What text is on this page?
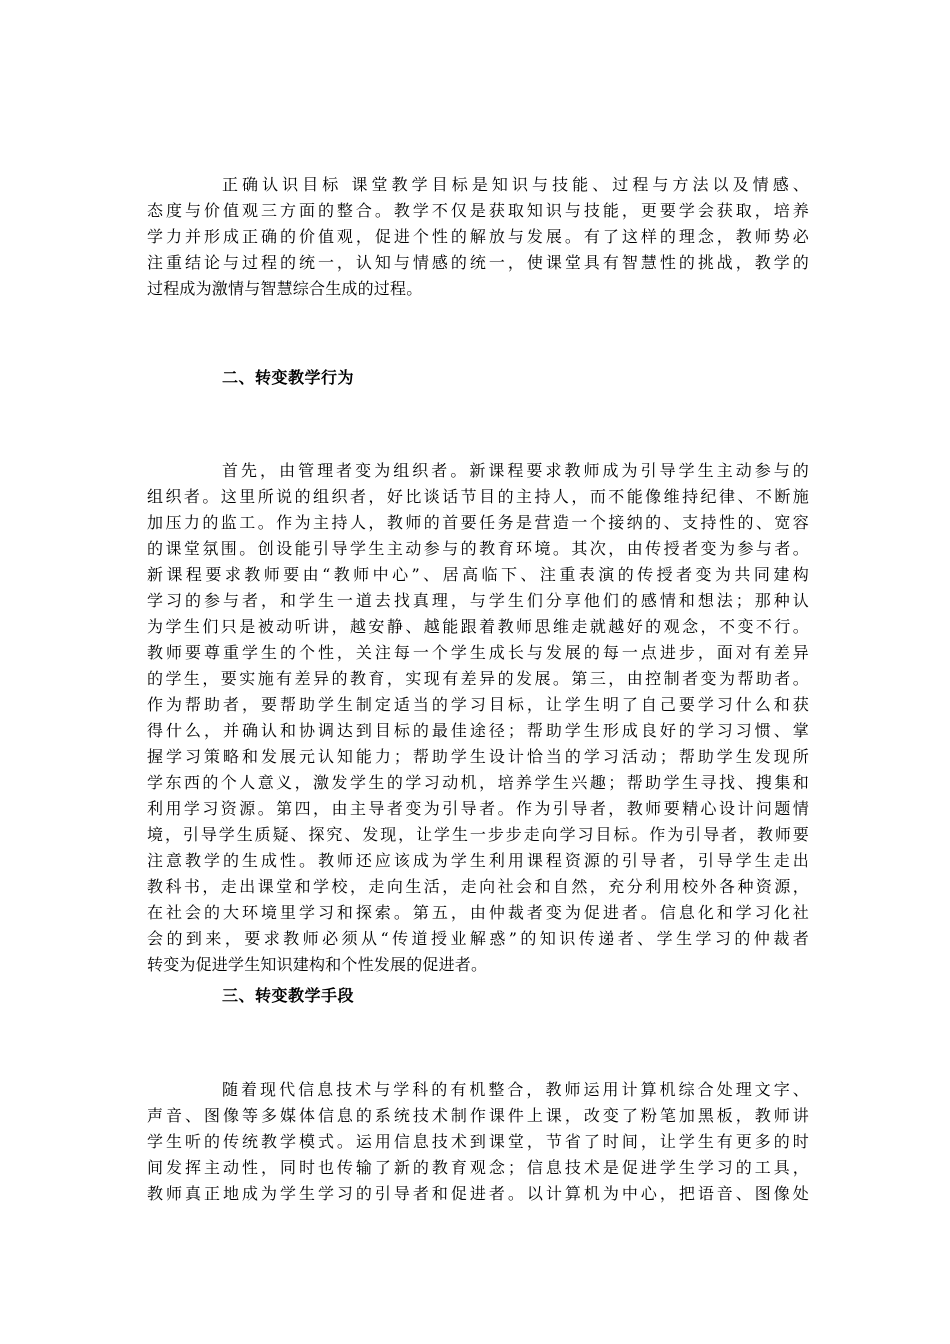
正确认识目标 课堂教学目标是知识与技能、过程与方法以及情感、
态度与价值观三方面的整合。教学不仅是获取知识与技能，更要学会获取，培养
学力并形成正确的价值观，促进个性的解放与发展。有了这样的理念，教师势必
注重结论与过程的统一，认知与情感的统一，使课堂具有智慧性的挑战，教学的
过程成为激情与智慧综合生成的过程。
二、转变教学行为
首先，由管理者变为组织者。新课程要求教师成为引导学生主动参与的
组织者。这里所说的组织者，好比谈话节目的主持人，而不能像维持纪律、不断施
加压力的监工。作为主持人，教师的首要任务是营造一个接纳的、支持性的、宽容
的课堂氛围。创设能引导学生主动参与的教育环境。其次，由传授者变为参与者。
新课程要求教师要由“教师中心”、居高临下、注重表演的传授者变为共同建构
学习的参与者，和学生一道去找真理，与学生们分享他们的感情和想法；那种认
为学生们只是被动听讲，越安静、越能跟着教师思维走就越好的观念，不变不行。
教师要尊重学生的个性，关注每一个学生成长与发展的每一点进步，面对有差异
的学生，要实施有差异的教育，实现有差异的发展。第三，由控制者变为帮助者。
作为帮助者，要帮助学生制定适当的学习目标，让学生明了自己要学习什么和获
得什么，并确认和协调达到目标的最佳途径；帮助学生形成良好的学习习惯、掌
握学习策略和发展元认知能力；帮助学生设计恰当的学习活动；帮助学生发现所
学东西的个人意义，激发学生的学习动机，培养学生兴趣；帮助学生寻找、搜集和
利用学习资源。第四，由主导者变为引导者。作为引导者，教师要精心设计问题情
境，引导学生质疑、探究、发现，让学生一步步走向学习目标。作为引导者，教师要
注意教学的生成性。教师还应该成为学生利用课程资源的引导者，引导学生走出
教科书，走出课堂和学校，走向生活，走向社会和自然，充分利用校外各种资源，
在社会的大环境里学习和探索。第五，由仲裁者变为促进者。信息化和学习化社
会的到来，要求教师必须从“传道授业解惑”的知识传递者、学生学习的仲裁者
转变为促进学生知识建构和个性发展的促进者。
三、转变教学手段
随着现代信息技术与学科的有机整合，教师运用计算机综合处理文字、
声音、图像等多媒体信息的系统技术制作课件上课，改变了粉笔加黑板，教师讲
学生听的传统教学模式。运用信息技术到课堂，节省了时间，让学生有更多的时
间发挥主动性，同时也传输了新的教育观念；信息技术是促进学生学习的工具，
教师真正地成为学生学习的引导者和促进者。以计算机为中心，把语音、图像处
